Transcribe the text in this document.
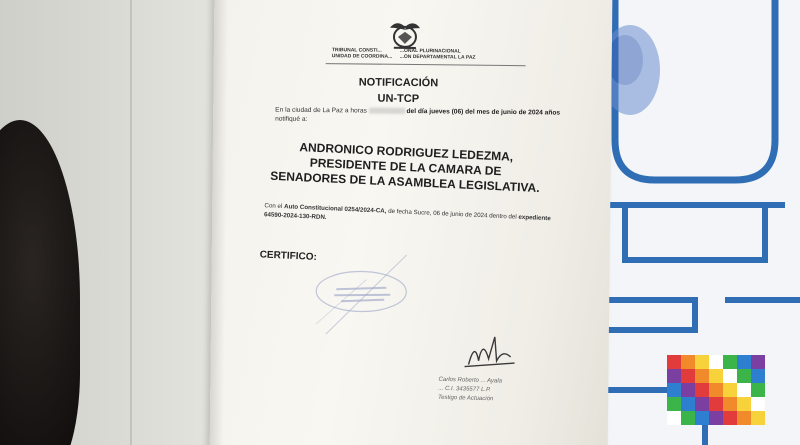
TRIBUNAL CONSTI...
UNIDAD DE COORDINA...
...ONAL PLURINACIONAL
...ON DEPARTAMENTAL LA PAZ
NOTIFICACIÓN
UN-TCP
En la ciudad de La Paz a horas	del día jueves (06) del mes de junio de 2024 años notifiqué a:
ANDRONICO RODRIGUEZ LEDEZMA, PRESIDENTE DE LA CAMARA DE SENADORES DE LA ASAMBLEA LEGISLATIVA.
Con el Auto Constitucional 0254/2024-CA, de fecha Sucre, 06 de junio de 2024 dentro del expediente 64590-2024-130-RDN.
CERTIFICO:
Carlos Roberto ... Ayala
... C.I. 3435577 L.P.
Testigo de Actuación
